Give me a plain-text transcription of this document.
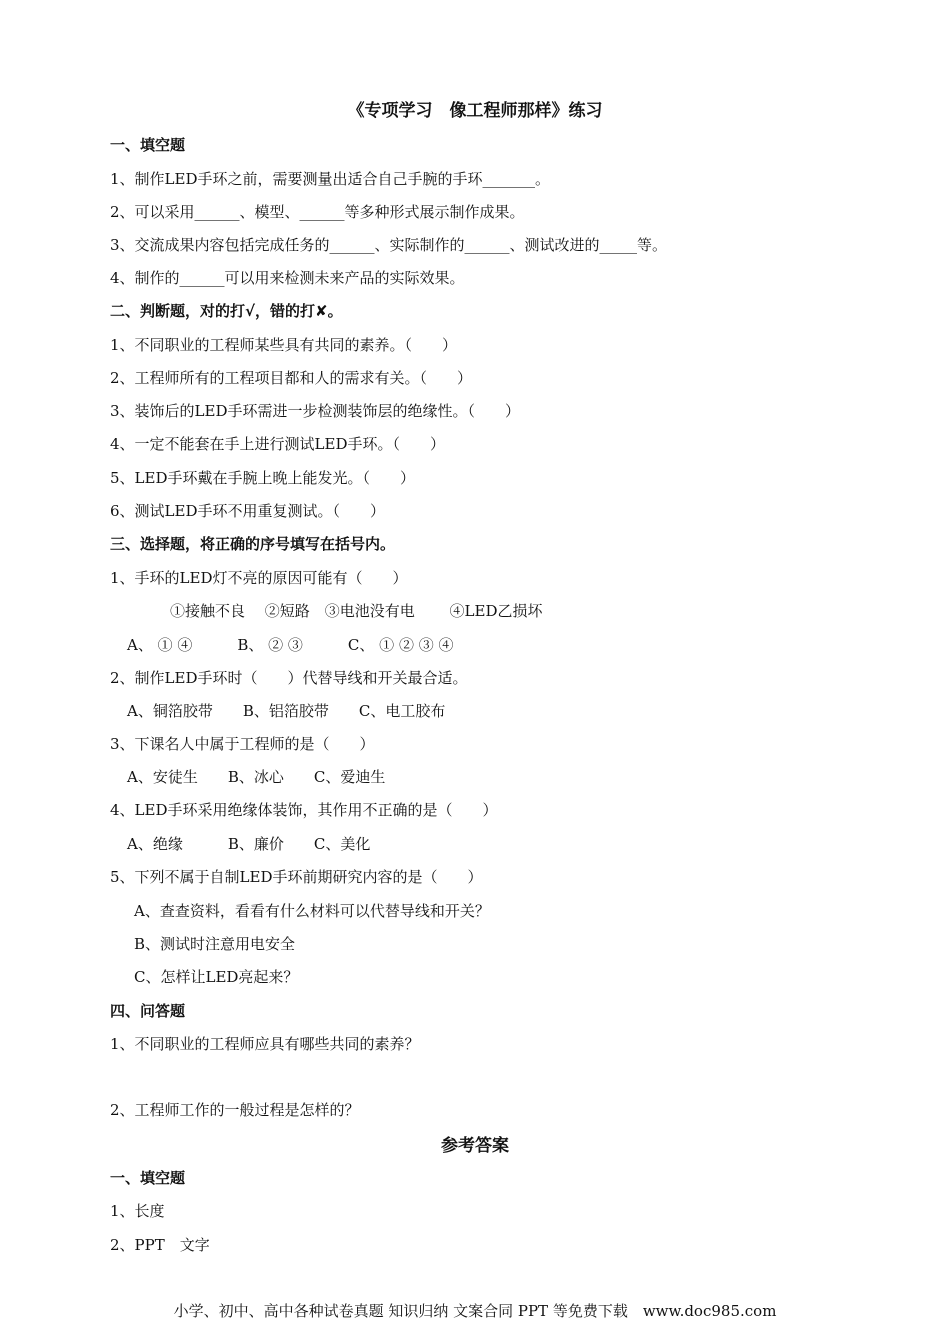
《专项学习　像工程师那样》练习
一、填空题
1、制作LED手环之前，需要测量出适合自己手腕的手环_______。
2、可以采用______、模型、______等多种形式展示制作成果。
3、交流成果内容包括完成任务的______、实际制作的______、测试改进的_____等。
4、制作的______可以用来检测未来产品的实际效果。
二、判断题，对的打√，错的打✘。
1、不同职业的工程师某些具有共同的素养。（　　）
2、工程师所有的工程项目都和人的需求有关。（　　）
3、装饰后的LED手环需进一步检测装饰层的绝缘性。（　　）
4、一定不能套在手上进行测试LED手环。（　　）
5、LED手环戴在手腕上晚上能发光。（　　）
6、测试LED手环不用重复测试。（　　）
三、选择题，将正确的序号填写在括号内。
1、手环的LED灯不亮的原因可能有（　　）
①接触不良　 ②短路　③电池没有电　　 ④LED乙损坏
A、 ① ④　　　B、 ② ③　　　C、 ① ② ③ ④
2、制作LED手环时（　　）代替导线和开关最合适。
A、铜箔胶带　　B、铝箔胶带　　C、电工胶布
3、下课名人中属于工程师的是（　　）
A、安徒生　　B、冰心　　C、爱迪生
4、LED手环采用绝缘体装饰，其作用不正确的是（　　）
A、绝缘　　　B、廉价　　C、美化
5、下列不属于自制LED手环前期研究内容的是（　　）
A、查查资料，看看有什么材料可以代替导线和开关？
B、测试时注意用电安全
C、怎样让LED亮起来？
四、问答题
1、不同职业的工程师应具有哪些共同的素养？
2、工程师工作的一般过程是怎样的？
参考答案
一、填空题
1、长度
2、PPT　文字
小学、初中、高中各种试卷真题 知识归纳 文案合同 PPT 等免费下载　www.doc985.com
